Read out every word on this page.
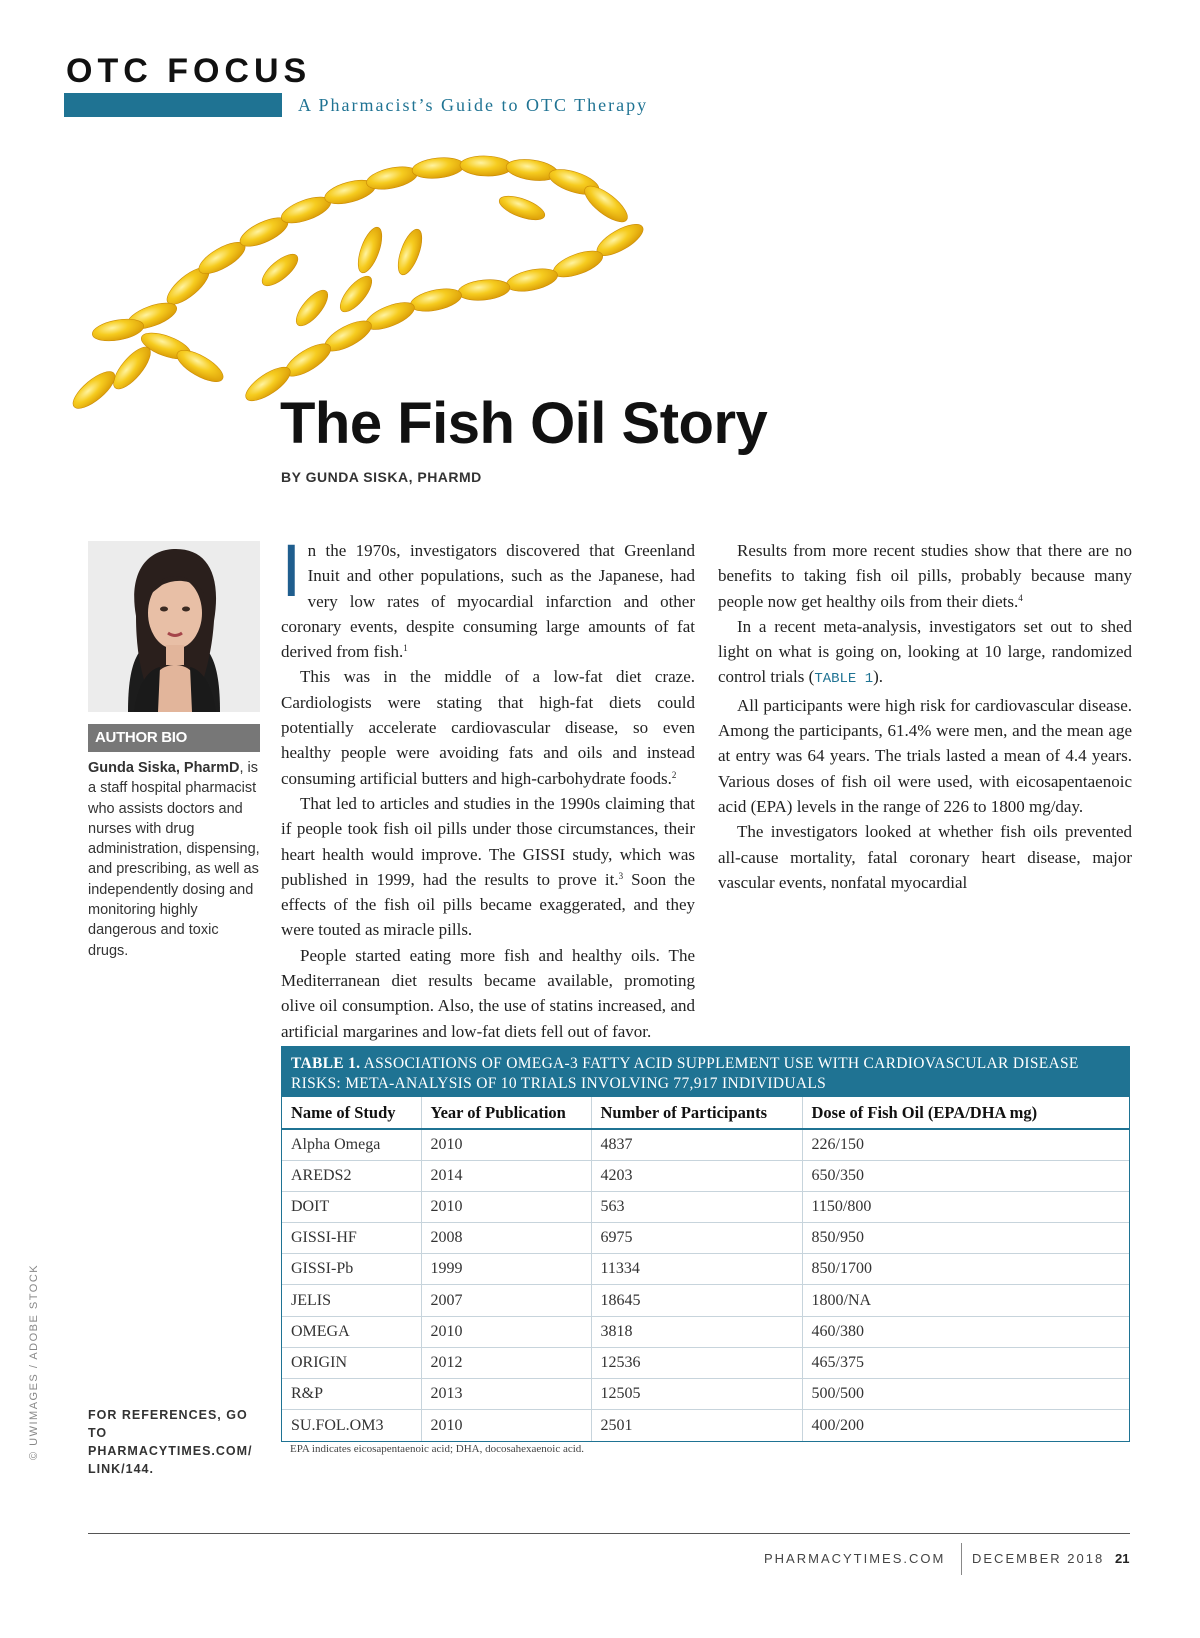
OTC FOCUS
A Pharmacist’s Guide to OTC Therapy
The Fish Oil Story
BY GUNDA SISKA, PHARMD
AUTHOR BIO
Gunda Siska, PharmD, is a staff hospital pharmacist who assists doctors and nurses with drug administration, dispensing, and prescribing, as well as independently dosing and monitoring highly dangerous and toxic drugs.
FOR REFERENCES, GO TO
PHARMACYTIMES.COM/
LINK/144.
© UWIMAGES / ADOBE STOCK

In the 1970s, investigators discovered that Greenland Inuit and other populations, such as the Japanese, had very low rates of myocardial infarction and other coronary events, despite consuming large amounts of fat derived from fish.$^1$

This was in the middle of a low-fat diet craze. Cardiologists were stating that high-fat diets could potentially accelerate cardiovascular disease, so even healthy people were avoiding fats and oils and instead consuming artificial butters and high-carbohydrate foods.$^2$

That led to articles and studies in the 1990s claiming that if people took fish oil pills under those circumstances, their heart health would improve. The GISSI study, which was published in 1999, had the results to prove it.$^3$ Soon the effects of the fish oil pills became exaggerated, and they were touted as miracle pills.

People started eating more fish and healthy oils. The Mediterranean diet results became available, promoting olive oil consumption. Also, the use of statins increased, and artificial margarines and low-fat diets fell out of favor.

Results from more recent studies show that there are no benefits to taking fish oil pills, probably because many people now get healthy oils from their diets.$^4$

In a recent meta-analysis, investigators set out to shed light on what is going on, looking at 10 large, randomized control trials (TABLE 1).

All participants were high risk for cardiovascular disease. Among the participants, 61.4% were men, and the mean age at entry was 64 years. The trials lasted a mean of 4.4 years. Various doses of fish oil were used, with eicosapentaenoic acid (EPA) levels in the range of 226 to 1800 mg/day.

The investigators looked at whether fish oils prevented all-cause mortality, fatal coronary heart disease, major vascular events, nonfatal myocardial

TABLE 1. ASSOCIATIONS OF OMEGA-3 FATTY ACID SUPPLEMENT USE WITH CARDIOVASCULAR DISEASE RISKS: META-ANALYSIS OF 10 TRIALS INVOLVING 77,917 INDIVIDUALS
Name of Study	Year of Publication	Number of Participants	Dose of Fish Oil (EPA/DHA mg)
Alpha Omega	2010	4837	226/150
AREDS2	2014	4203	650/350
DOIT	2010	563	1150/800
GISSI-HF	2008	6975	850/950
GISSI-Pb	1999	11334	850/1700
JELIS	2007	18645	1800/NA
OMEGA	2010	3818	460/380
ORIGIN	2012	12536	465/375
R&P	2013	12505	500/500
SU.FOL.OM3	2010	2501	400/200
EPA indicates eicosapentaenoic acid; DHA, docosahexaenoic acid.
PHARMACYTIMES.COM DECEMBER 2018 21
